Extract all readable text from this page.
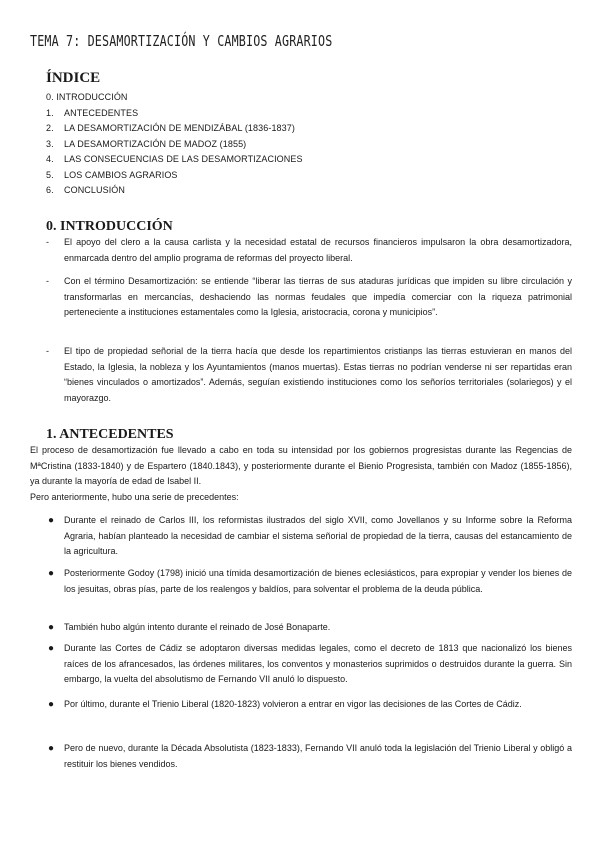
TEMA 7: DESAMORTIZACIÓN Y CAMBIOS AGRARIOS
ÍNDICE
0. INTRODUCCIÓN
1. ANTECEDENTES
2. LA DESAMORTIZACIÓN DE MENDIZÁBAL (1836-1837)
3. LA DESAMORTIZACIÓN DE MADOZ (1855)
4. LAS CONSECUENCIAS DE LAS DESAMORTIZACIONES
5. LOS CAMBIOS AGRARIOS
6. CONCLUSIÓN
0. INTRODUCCIÓN
- El apoyo del clero a la causa carlista y la necesidad estatal de recursos financieros impulsaron la obra desamortizadora, enmarcada dentro del amplio programa de reformas del proyecto liberal.

- Con el término Desamortización: se entiende “liberar las tierras de sus ataduras jurídicas que impiden su libre circulación y transformarlas en mercancías, deshaciendo las normas feudales que impedía comerciar con la riqueza patrimonial perteneciente a instituciones estamentales como la Iglesia, aristocracia, corona y municipios”.

- El tipo de propiedad señorial de la tierra hacía que desde los repartimientos cristianps las tierras estuvieran en manos del Estado, la Iglesia, la nobleza y los Ayuntamientos (manos muertas). Estas tierras no podrían venderse ni ser repartidas eran “bienes vinculados o amortizados”. Además, seguían existiendo instituciones como los señoríos territoriales (solariegos) y el mayorazgo.

1. ANTECEDENTES

El proceso de desamortización fue llevado a cabo en toda su intensidad por los gobiernos progresistas durante las Regencias de MªCristina (1833-1840) y de Espartero (1840.1843), y posteriormente durante el Bienio Progresista, también con Madoz (1855-1856), ya durante la mayoría de edad de Isabel II.

Pero anteriormente, hubo una serie de precedentes:

● Durante el reinado de Carlos III, los reformistas ilustrados del siglo XVII, como Jovellanos y su Informe sobre la Reforma Agraria, habían planteado la necesidad de cambiar el sistema señorial de propiedad de la tierra, causas del estancamiento de la agricultura.

● Posteriormente Godoy (1798) inició una tímida desamortización de bienes eclesiásticos, para expropiar y vender los bienes de los jesuitas, obras pías, parte de los realengos y baldíos, para solventar el problema de la deuda pública.

● También hubo algún intento durante el reinado de José Bonaparte.

● Durante las Cortes de Cádiz se adoptaron diversas medidas legales, como el decreto de 1813 que nacionalizó los bienes raíces de los afrancesados, las órdenes militares, los conventos y monasterios suprimidos o destruidos durante la guerra. Sin embargo, la vuelta del absolutismo de Fernando VII anuló lo dispuesto.

● Por último, durante el Trienio Liberal (1820-1823) volvieron a entrar en vigor las decisiones de las Cortes de Cádiz.

● Pero de nuevo, durante la Década Absolutista (1823-1833), Fernando VII anuló toda la legislación del Trienio Liberal y obligó a restituir los bienes vendidos.
